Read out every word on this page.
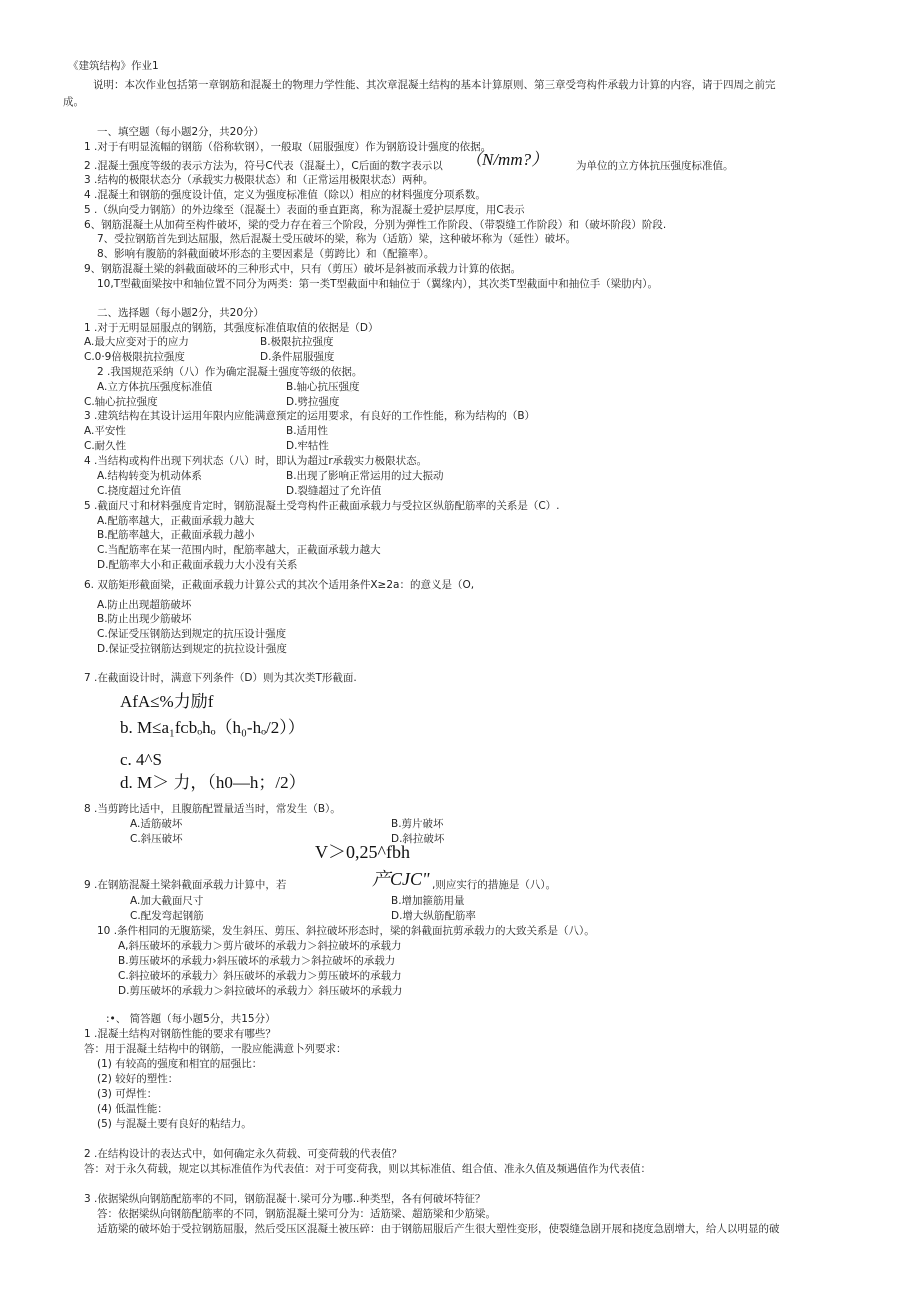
《建筑结构》作业1
说明：本次作业包括第一章钢筋和混凝土的物理力学性能、其次章混凝土结构的基本计算原则、第三章受弯构件承载力计算的内容，请于四周之前完
成。
一、填空题（每小题2分，共20分）
1 .对于有明显流幅的钢筋（俗称软钢），一般取（屈服强度）作为钢筋设计强度的依据。
2 .混凝土强度等级的表示方法为，符号C代表（混凝土），C后面的数字表示以 （N/mm?）	为单位的立方体抗压强度标准值。
3 .结构的极限状态分（承载实力极限状态）和（正常运用极限状态）两种。
4 .混凝土和钢筋的强度设计值，定义为强度标准值（除以）相应的材料强度分项系数。
5 .（纵向受力钢筋）的外边缘至（混凝土）表面的垂直距离，称为混凝土爱护层厚度，用C表示
6、钢筋混凝土从加荷至构件破坏，梁的受力存在着三个阶段，分别为弹性工作阶段、（带裂缝工作阶段）和（破坏阶段）阶段.
7、受拉钢筋首先到达屈服，然后混凝土受压破坏的梁，称为（适筋）梁，这种破坏称为（延性）破坏。
8、影响有腹筋的斜截面破坏形态的主要因素是（剪跨比）和（配箍率）。
9、钢筋混凝土梁的斜截面破坏的三种形式中，只有（剪压）破坏是斜被而承载力计算的依据。
10,T型截面梁按中和轴位置不同分为两类：第一类T型截面中和轴位于（翼缘内），其次类T型截面中和抽位手（梁肋内）。
二、选择题（每小题2分，共20分）
1 .对于无明显屈服点的钢筋，其强度标准值取值的依据是（D）
A.最大应变对于的应力	B.极限抗拉强度
C.0·9倍极限抗拉强度	D.条件屈服强度
2 .我国规范采纳（八）作为确定混凝土强度等级的依据。
A.立方体抗压强度标准值	B.轴心抗压强度
C.轴心抗拉强度	D.劈拉强度
3 .建筑结构在其设计运用年限内应能满意预定的运用要求，有良好的工作性能，称为结构的（B）
A.平安性	B.适用性
C.耐久性	D.牢牯性
4 .当结构或构件出现下列状态（八）时，即认为超过r承载实力极限状态。
A.结构转变为机动体系	B.出现了影响正常运用的过大振动
C.挠度超过允许值	D.裂缝超过了允许值
5 .截面尺寸和材料强度肯定时，钢筋混凝土受弯构件正截面承载力与受拉区纵筋配筋率的关系是（C）.
A.配筋率越大，正截面承载力越大
B.配筋率越大，正截面承载力越小
C.当配筋率在某一范围内时，配筋率越大，正截面承载力越大
D.配筋率大小和正截面承载力大小没有关系
6. 双筋矩形截面梁，正截面承载力计算公式的其次个适用条件X≥2a：的意义是（O,
A.防止出现超筋破坏
B.防止出现少筋破坏
C.保证受压钢筋达到规定的抗压设计强度
D.保证受拉钢筋达到规定的抗拉设计强度
7 .在截面设计时，满意下列条件（D）则为其次类T形截面.
AfA≤%力励f
b. M≤a₁fᴄbₒhₒ（h₀-hₒ/2））
c. 4^S
d. M＞ 力，（h0—h；/2）
8 .当剪跨比适中，且腹筋配置量适当时，常发生（B）。
A.适筋破坏	B.剪片破坏
C.斜压破坏	D.斜拉破坏
V＞0,25^fbh
9 .在钢筋混凝土梁斜截面承载力计算中，若	产CJC" ,则应实行的措施是（八）。
A.加大截面尺寸	B.增加箍筋用量
C.配发弯起钢筋	D.增大纵筋配筋率
10 .条件相同的无腹筋梁，发生斜压、剪压、斜拉破坏形态时，梁的斜截面抗剪承载力的大致关系是（八）。
A,斜压破坏的承载力＞剪片破坏的承载力＞斜拉破坏的承载力
B.剪压破坏的承载力›斜压破坏的承载力＞斜拉破坏的承载力
C.斜拉破坏的承载力〉斜压破坏的承载力＞剪压破坏的承载力
D.剪压破坏的承载力＞斜拉破坏的承载力〉斜压破坏的承载力
:•、 简答题（每小题5分，共15分）
1 .混凝土结构对钢筋性能的要求有哪些？
答：用于混凝土结构中的钢筋，一股应能满意卜列要求：
(1) 有较高的强度和相宜的屈强比：
(2) 较好的塑性：
(3) 可焊性：
(4) 低温性能：
(5) 与混凝土要有良好的粘结力。
2 .在结构设计的表达式中，如何确定永久荷载、可变荷载的代表值？
答：对于永久荷载，规定以其标准值作为代表值：对于可变荷我，则以其标准值、组合值、准永久值及频遇值作为代表值：
3 .依据梁纵向钢筋配筋率的不同，钢筋混凝十.梁可分为哪..种类型，各有何破坏特征？
答：依据梁纵向钢筋配筋率的不同，钢筋混凝土梁可分为：适筋梁、超筋梁和少筋梁。
适筋梁的破坏始于受拉钢筋屈服，然后受压区混凝土被压碎：由于钢筋屈服后产生很大塑性变形，使裂缝急剧开展和挠度急剧增大，给人以明显的破
